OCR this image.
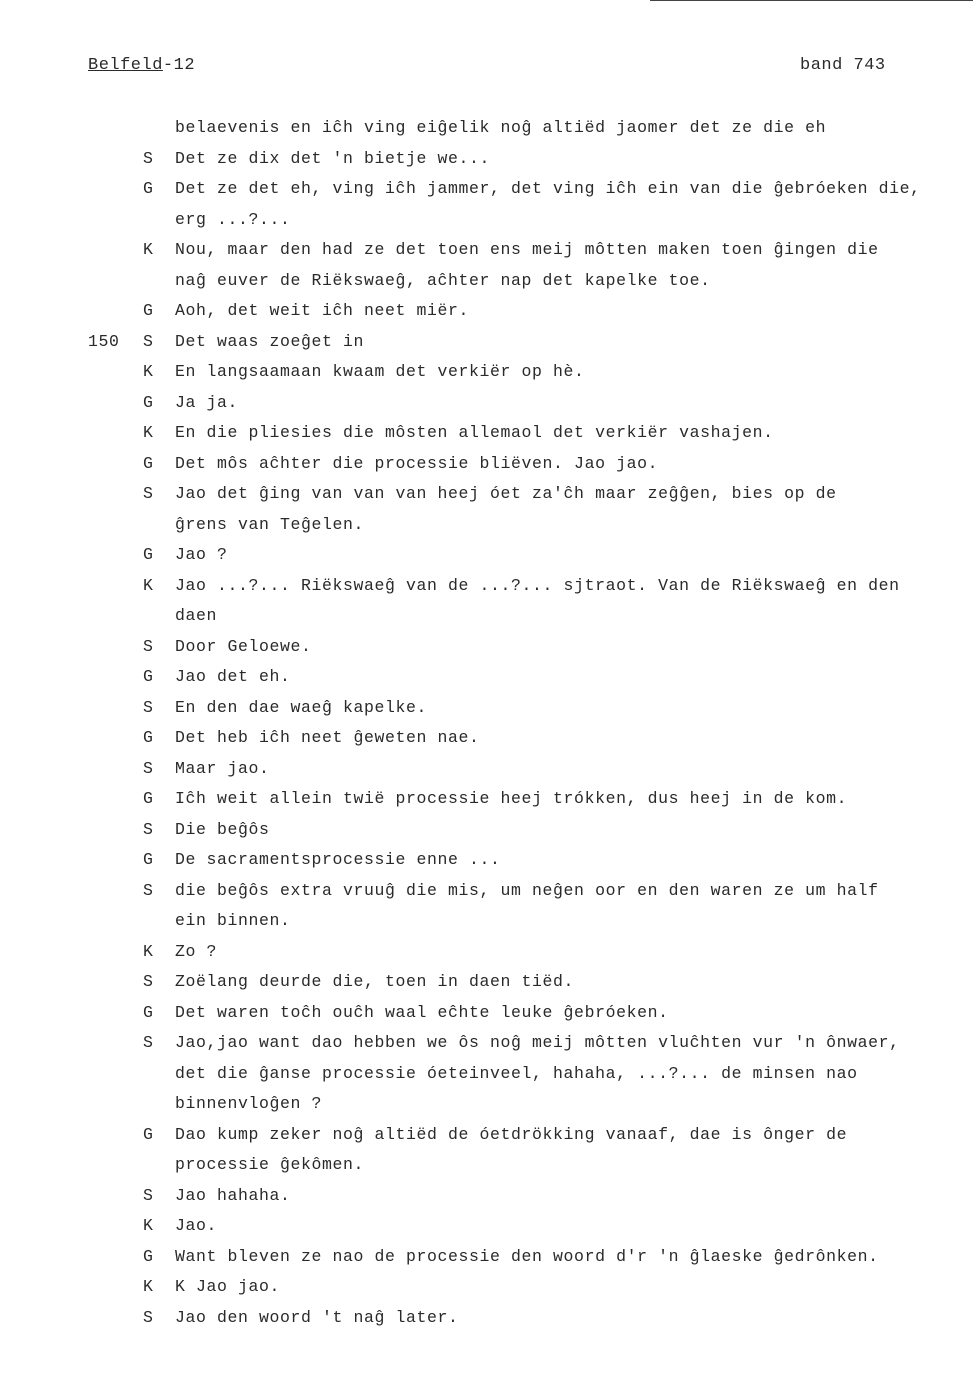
Belfeld-12	band 743
belaevenis en iĉh ving eiĝelik noĝ altiëd jaomer det ze die eh
S	Det ze dix det 'n bietje we...
G	Det ze det eh, ving iĉh jammer, det ving iĉh ein van die ĝebróeken die,
erg ...?...
K	Nou, maar den had ze det toen ens meij môtten maken toen ĝingen die
naĝ euver de Riëkswaeĝ, aĉhter nap det kapelke toe.
G	Aoh, det weit iĉh neet miër.
150	S	Det waas zoeĝet in
K	En langsaamaan kwaam det verkiër op hè.
G	Ja ja.
K	En die pliesies die môsten allemaol det verkiër vashajen.
G	Det môs aĉhter die processie bliëven. Jao jao.
S	Jao det ĝing van van van heej óet za'ĉh maar zeĝĝen, bies op de
ĝrens van Teĝelen.
G	Jao ?
K	Jao ...?... Riëkswaeĝ van de ...?... sjtraot. Van de Riëkswaeĝ en den
daen
S	Door Geloewe.
G	Jao det eh.
S	En den dae waeĝ kapelke.
G	Det heb iĉh neet ĝeweten nae.
S	Maar jao.
G	Iĉh weit allein twië processie heej trókken, dus heej in de kom.
S	Die beĝôs
G	De sacramentsprocessie enne ...
S	die beĝôs extra vruuĝ die mis, um neĝen oor en den waren ze um half
ein binnen.
K	Zo ?
S	Zoëlang deurde die, toen in daen tiëd.
G	Det waren toĉh ouĉh waal eĉhte leuke ĝebróeken.
S	Jao,jao want dao hebben we ôs noĝ meij môtten vluĉhten vur 'n ônwaer,
det die ĝanse processie óeteinveel, hahaha, ...?... de minsen nao
binnenvloĝen ?
G	Dao kump zeker noĝ altiëd de óetdrökking vanaaf, dae is ônger de
processie ĝekômen.
S	Jao hahaha.
K	Jao.
G	Want bleven ze nao de processie den woord d'r 'n ĝlaeske ĝedrônken.
K	K Jao jao.
S	Jao den woord 't naĝ later.
